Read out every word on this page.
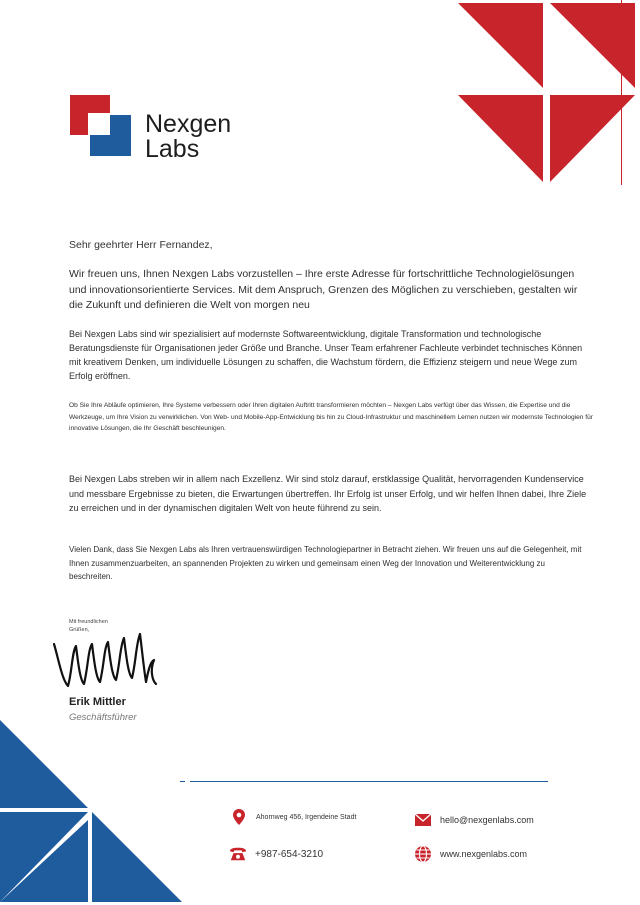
Nexgen
Labs
Sehr geehrter Herr Fernandez,
Wir freuen uns, Ihnen Nexgen Labs vorzustellen – Ihre erste Adresse für fortschrittliche Technologielösungen und innovationsorientierte Services. Mit dem Anspruch, Grenzen des Möglichen zu verschieben, gestalten wir die Zukunft und definieren die Welt von morgen neu
Bei Nexgen Labs sind wir spezialisiert auf modernste Softwareentwicklung, digitale Transformation und technologische Beratungsdienste für Organisationen jeder Größe und Branche. Unser Team erfahrener Fachleute verbindet technisches Können mit kreativem Denken, um individuelle Lösungen zu schaffen, die Wachstum fördern, die Effizienz steigern und neue Wege zum Erfolg eröffnen.
Ob Sie Ihre Abläufe optimieren, Ihre Systeme verbessern oder Ihren digitalen Auftritt transformieren möchten – Nexgen Labs verfügt über das Wissen, die Expertise und die Werkzeuge, um Ihre Vision zu verwirklichen. Von Web- und Mobile-App-Entwicklung bis hin zu Cloud-Infrastruktur und maschinellem Lernen nutzen wir modernste Technologien für innovative Lösungen, die Ihr Geschäft beschleunigen.
Bei Nexgen Labs streben wir in allem nach Exzellenz. Wir sind stolz darauf, erstklassige Qualität, hervorragenden Kundenservice und messbare Ergebnisse zu bieten, die Erwartungen übertreffen. Ihr Erfolg ist unser Erfolg, und wir helfen Ihnen dabei, Ihre Ziele zu erreichen und in der dynamischen digitalen Welt von heute führend zu sein.
Vielen Dank, dass Sie Nexgen Labs als Ihren vertrauenswürdigen Technologiepartner in Betracht ziehen. Wir freuen uns auf die Gelegenheit, mit Ihnen zusammenzuarbeiten, an spannenden Projekten zu wirken und gemeinsam einen Weg der Innovation und Weiterentwicklung zu beschreiten.
Mit freundlichen Grüßen,
Erik Mittler
Geschäftsführer
Ahornweg 456, Irgendeine Stadt
+987-654-3210
hello@nexgenlabs.com
www.nexgenlabs.com
